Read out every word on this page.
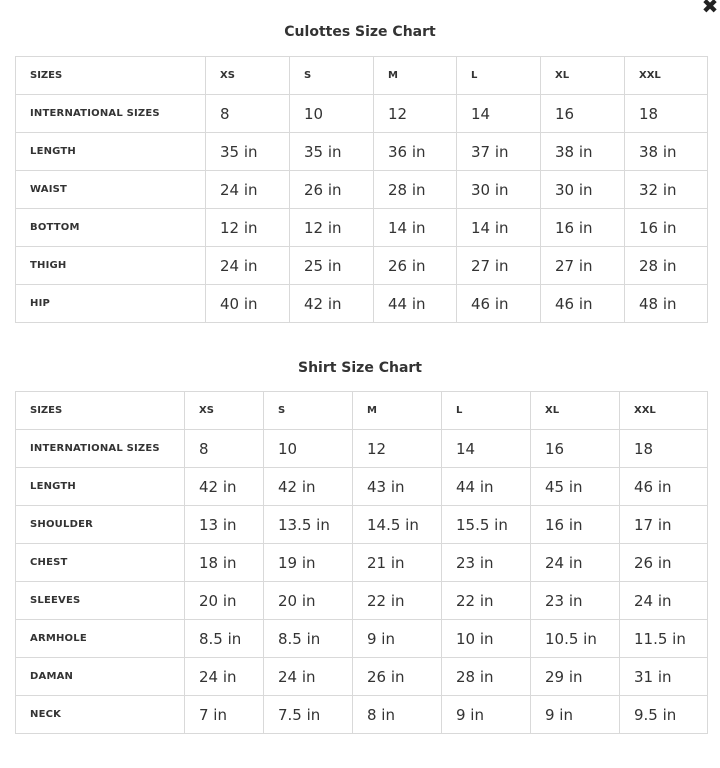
✖
Culottes Size Chart
SIZES	XS	S	M	L	XL	XXL
INTERNATIONAL SIZES	8	10	12	14	16	18
LENGTH	35 in	35 in	36 in	37 in	38 in	38 in
WAIST	24 in	26 in	28 in	30 in	30 in	32 in
BOTTOM	12 in	12 in	14 in	14 in	16 in	16 in
THIGH	24 in	25 in	26 in	27 in	27 in	28 in
HIP	40 in	42 in	44 in	46 in	46 in	48 in
Shirt Size Chart
SIZES	XS	S	M	L	XL	XXL
INTERNATIONAL SIZES	8	10	12	14	16	18
LENGTH	42 in	42 in	43 in	44 in	45 in	46 in
SHOULDER	13 in	13.5 in	14.5 in	15.5 in	16 in	17 in
CHEST	18 in	19 in	21 in	23 in	24 in	26 in
SLEEVES	20 in	20 in	22 in	22 in	23 in	24 in
ARMHOLE	8.5 in	8.5 in	9 in	10 in	10.5 in	11.5 in
DAMAN	24 in	24 in	26 in	28 in	29 in	31 in
NECK	7 in	7.5 in	8 in	9 in	9 in	9.5 in
